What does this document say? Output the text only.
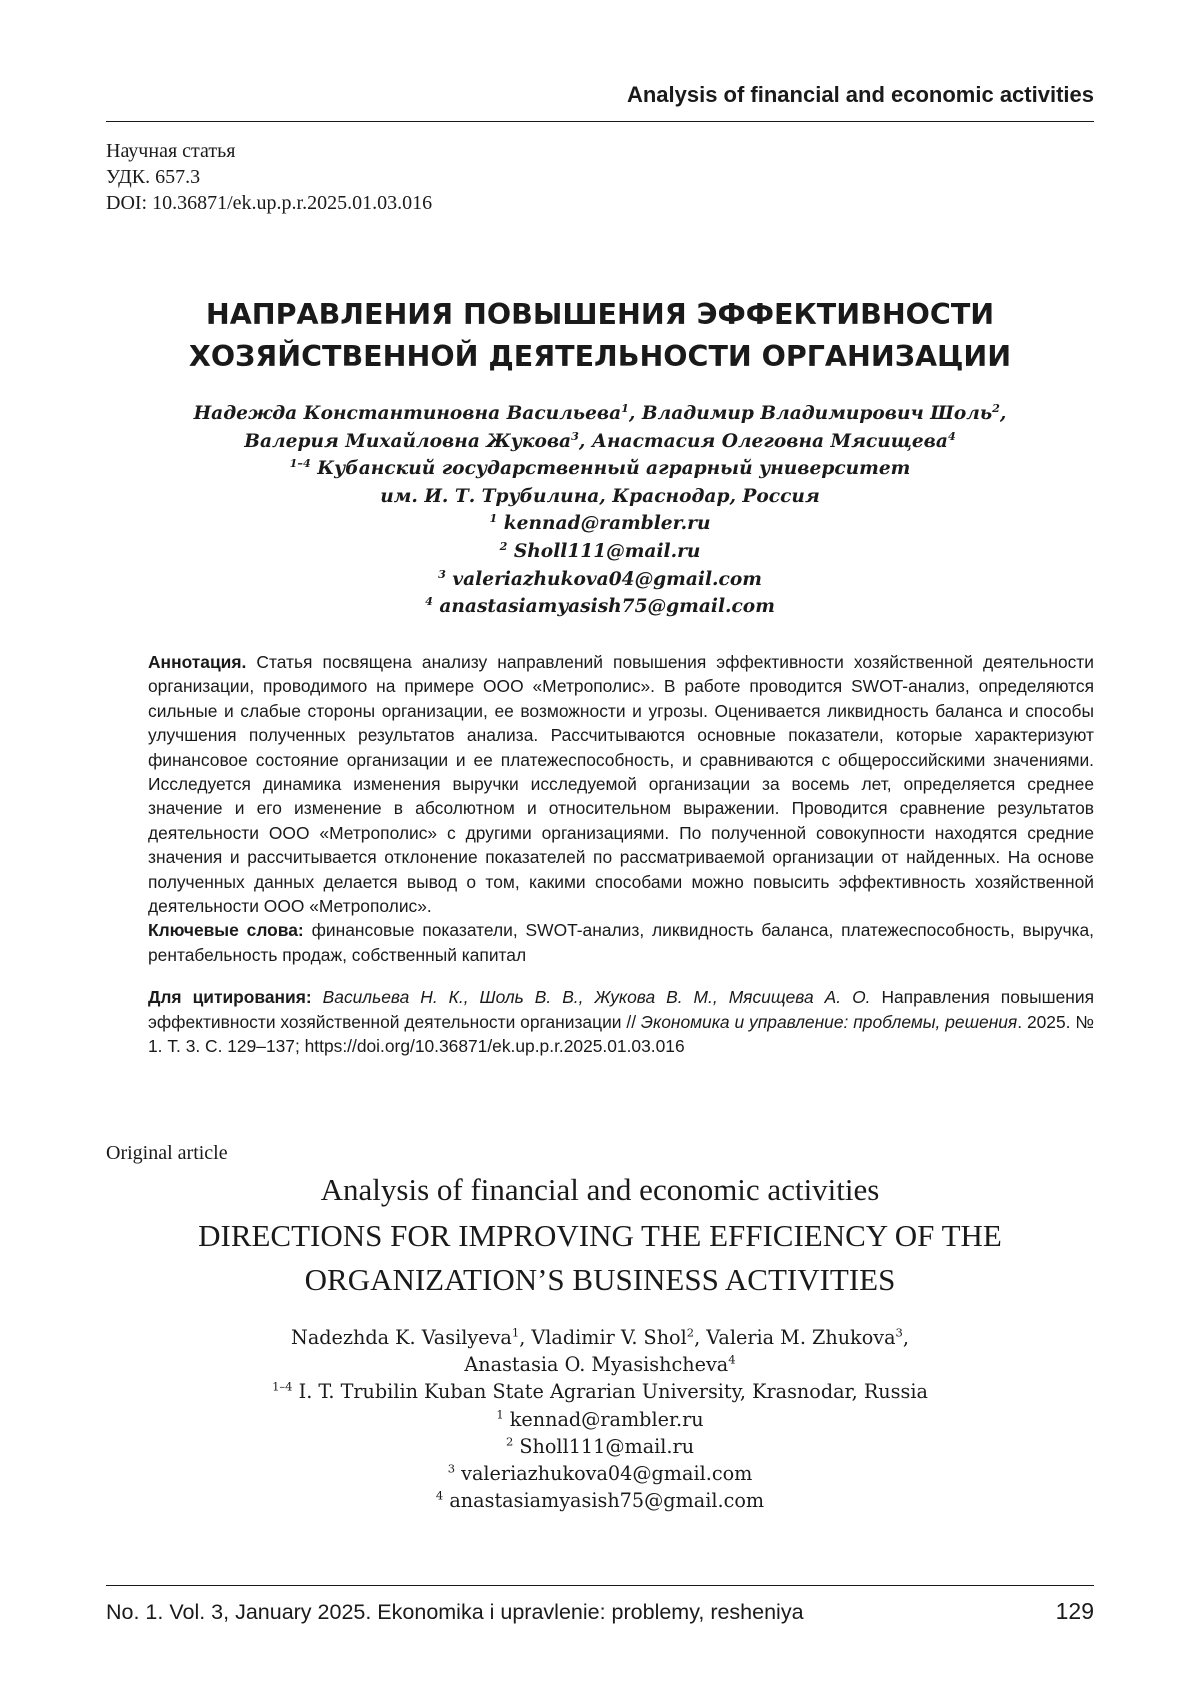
Analysis of financial and economic activities
Научная статья
УДК. 657.3
DOI: 10.36871/ek.up.p.r.2025.01.03.016
НАПРАВЛЕНИЯ ПОВЫШЕНИЯ ЭФФЕКТИВНОСТИ
ХОЗЯЙСТВЕННОЙ ДЕЯТЕЛЬНОСТИ ОРГАНИЗАЦИИ
Надежда Константиновна Васильева1, Владимир Владимирович Шоль2,
Валерия Михайловна Жукова3, Анастасия Олеговна Мясищева4
1–4 Кубанский государственный аграрный университет
им. И. Т. Трубилина, Краснодар, Россия
1 kennad@rambler.ru
2 Sholl111@mail.ru
3 valeriazhukova04@gmail.com
4 anastasiamyasish75@gmail.com

Аннотация. Статья посвящена анализу направлений повышения эффективности хозяйственной деятельности организации, проводимого на примере ООО «Метрополис». В работе проводится SWOT-анализ, определяются сильные и слабые стороны организации, ее возможности и угрозы. Оценивается ликвидность баланса и способы улучшения полученных результатов анализа. Рассчитываются основные показатели, которые характеризуют финансовое состояние организации и ее платежеспособность, и сравниваются с общероссийскими значениями. Исследуется динамика изменения выручки исследуемой организации за восемь лет, определяется среднее значение и его изменение в абсолютном и относительном выражении. Проводится сравнение результатов деятельности ООО «Метрополис» с другими организациями. По полученной совокупности находятся средние значения и рассчитывается отклонение показателей по рассматриваемой организации от найденных. На основе полученных данных делается вывод о том, какими способами можно повысить эффективность хозяйственной деятельности ООО «Метрополис».

Ключевые слова: финансовые показатели, SWOT-анализ, ликвидность баланса, платежеспособность, выручка, рентабельность продаж, собственный капитал

Для цитирования: Васильева Н. К., Шоль В. В., Жукова В. М., Мясищева А. О. Направления повышения эффективности хозяйственной деятельности организации // Экономика и управление: проблемы, решения. 2025. № 1. Т. 3. С. 129–137; https://doi.org/10.36871/ek.up.p.r.2025.01.03.016

Original article
Analysis of financial and economic activities
DIRECTIONS FOR IMPROVING THE EFFICIENCY OF THE
ORGANIZATION’S BUSINESS ACTIVITIES
Nadezhda K. Vasilyeva1, Vladimir V. Shol2, Valeria M. Zhukova3,
Anastasia O. Myasishcheva4
1–4 I. T. Trubilin Kuban State Agrarian University, Krasnodar, Russia
1 kennad@rambler.ru
2 Sholl111@mail.ru
3 valeriazhukova04@gmail.com
4 anastasiamyasish75@gmail.com
No. 1. Vol. 3, January 2025. Ekonomika i upravlenie: problemy, resheniya	129
